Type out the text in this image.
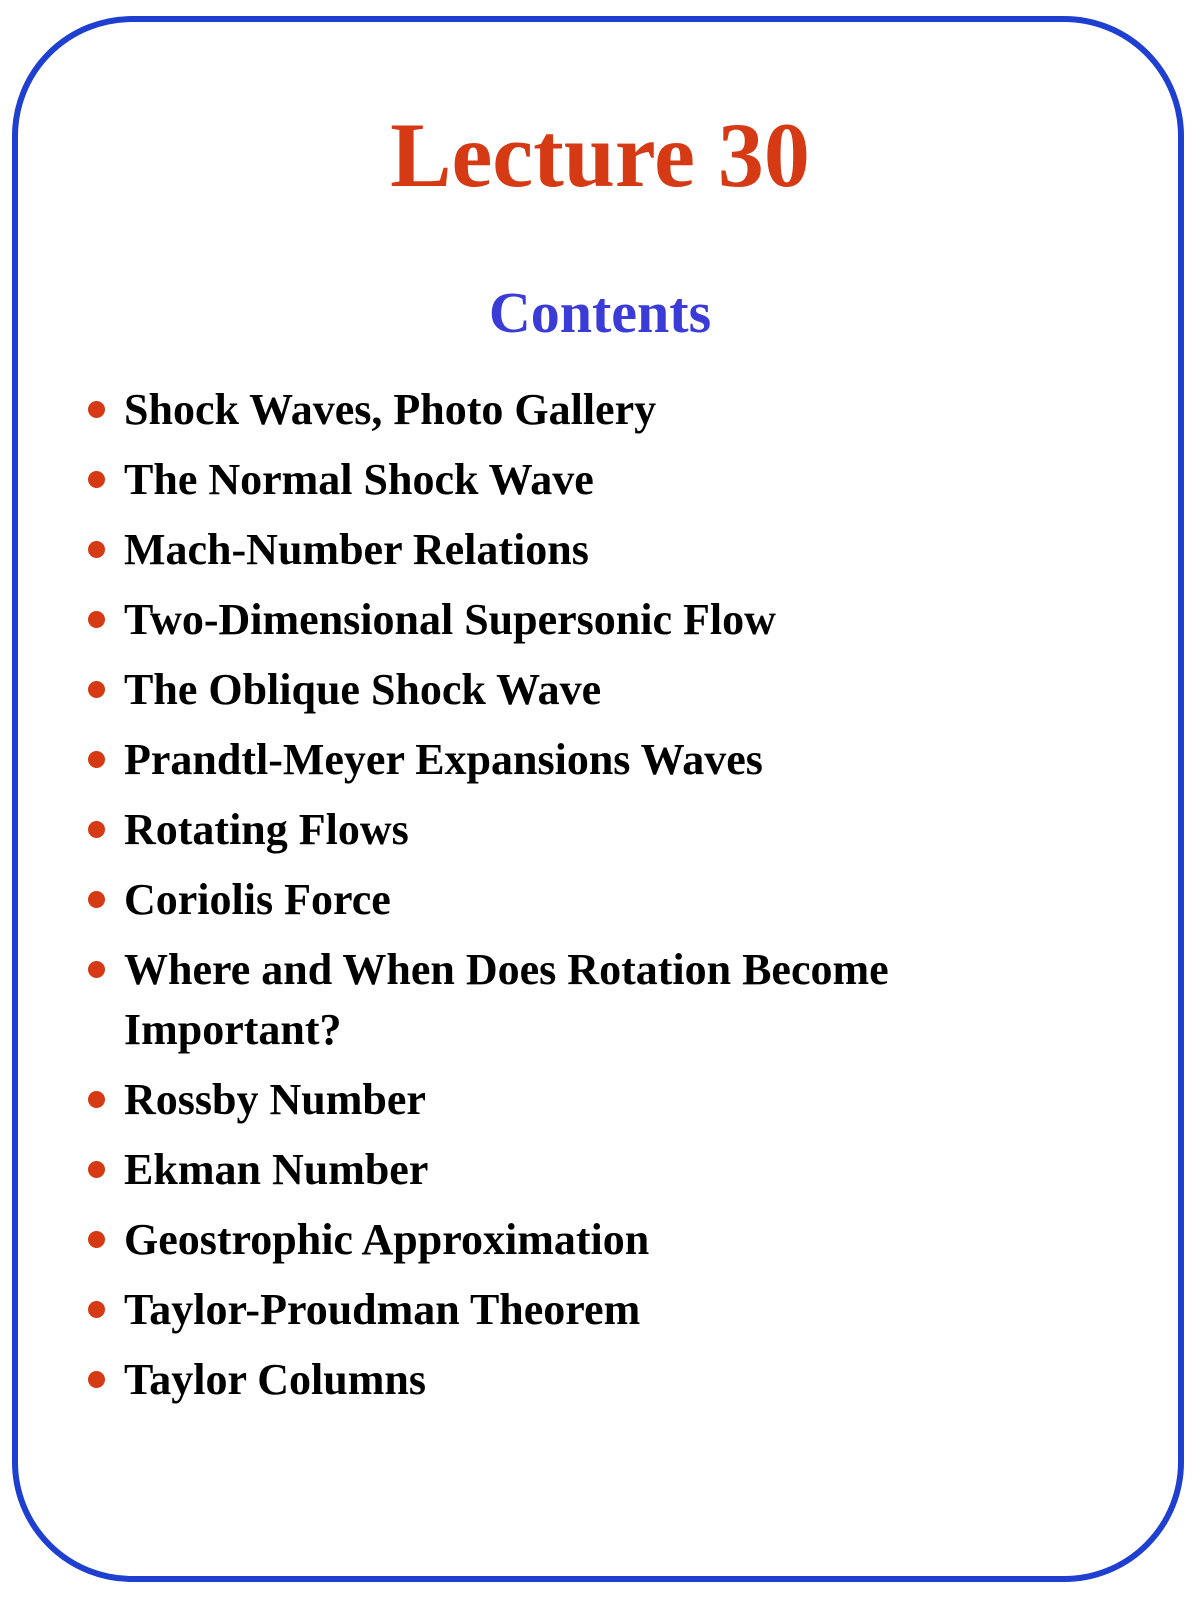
Lecture 30
Contents
Shock Waves, Photo Gallery
The Normal Shock Wave
Mach-Number Relations
Two-Dimensional Supersonic Flow
The Oblique Shock Wave
Prandtl-Meyer Expansions Waves
Rotating Flows
Coriolis Force
Where and When Does Rotation Become Important?
Rossby Number
Ekman Number
Geostrophic Approximation
Taylor-Proudman Theorem
Taylor Columns
